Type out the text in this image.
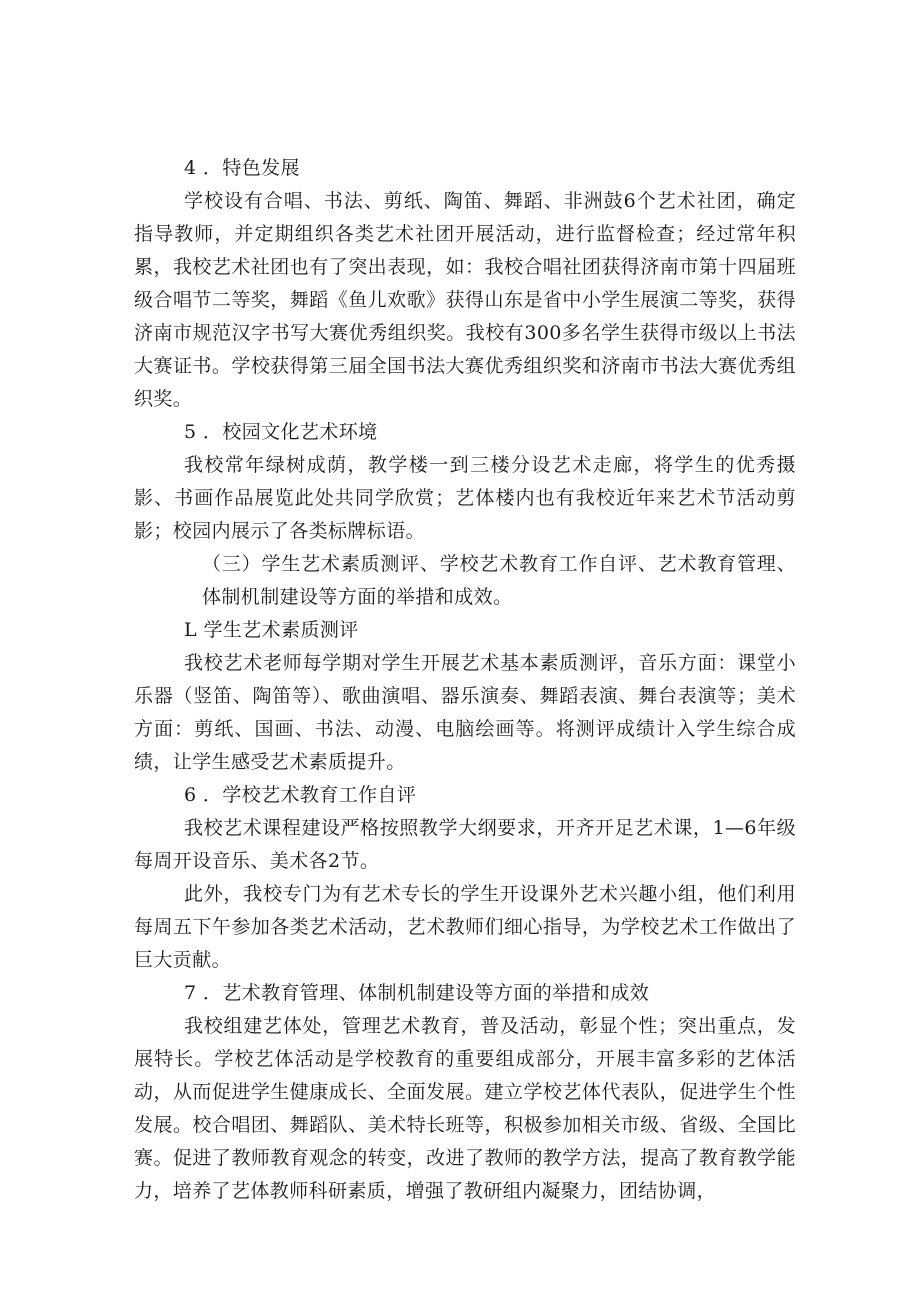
4 ．特色发展

学校设有合唱、书法、剪纸、陶笛、舞蹈、非洲鼓6个艺术社团，确定指导教师，并定期组织各类艺术社团开展活动，进行监督检查；经过常年积累，我校艺术社团也有了突出表现，如：我校合唱社团获得济南市第十四届班级合唱节二等奖，舞蹈《鱼儿欢歌》获得山东是省中小学生展演二等奖，获得济南市规范汉字书写大赛优秀组织奖。我校有300多名学生获得市级以上书法大赛证书。学校获得第三届全国书法大赛优秀组织奖和济南市书法大赛优秀组织奖。

5 ．校园文化艺术环境

我校常年绿树成荫，教学楼一到三楼分设艺术走廊，将学生的优秀摄影、书画作品展览此处共同学欣赏；艺体楼内也有我校近年来艺术节活动剪影；校园内展示了各类标牌标语。

（三）学生艺术素质测评、学校艺术教育工作自评、艺术教育管理、体制机制建设等方面的举措和成效。

L 学生艺术素质测评

我校艺术老师每学期对学生开展艺术基本素质测评，音乐方面：课堂小乐器（竖笛、陶笛等）、歌曲演唱、器乐演奏、舞蹈表演、舞台表演等；美术方面：剪纸、国画、书法、动漫、电脑绘画等。将测评成绩计入学生综合成绩，让学生感受艺术素质提升。

6 ．学校艺术教育工作自评

我校艺术课程建设严格按照教学大纲要求，开齐开足艺术课，1—6年级每周开设音乐、美术各2节。

此外，我校专门为有艺术专长的学生开设课外艺术兴趣小组，他们利用每周五下午参加各类艺术活动，艺术教师们细心指导，为学校艺术工作做出了巨大贡献。

7 ．艺术教育管理、体制机制建设等方面的举措和成效

我校组建艺体处，管理艺术教育，普及活动，彰显个性；突出重点，发展特长。学校艺体活动是学校教育的重要组成部分，开展丰富多彩的艺体活动，从而促进学生健康成长、全面发展。建立学校艺体代表队，促进学生个性发展。校合唱团、舞蹈队、美术特长班等，积极参加相关市级、省级、全国比赛。促进了教师教育观念的转变，改进了教师的教学方法，提高了教育教学能力，培养了艺体教师科研素质，增强了教研组内凝聚力，团结协调，
